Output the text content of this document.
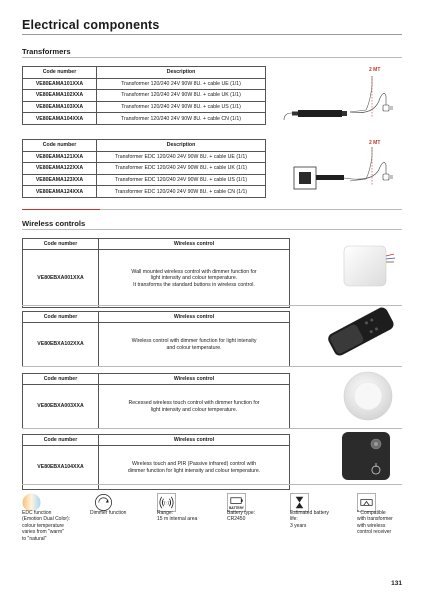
Electrical components
Transformers
Code number	Description
VE80EAMA101XXA	Transformer 120/240 24V 90W 8U. + cable UE (1/1)
VE80EAMA102XXA	Transformer 120/240 24V 90W 8U. + cable UK (1/1)
VE80EAMA103XXA	Transformer 120/240 24V 90W 8U. + cable US (1/1)
VE80EAMA104XXA	Transformer 120/240 24V 90W 8U. + cable CN (1/1)
2 MT
Code number	Description
VE80EAMA121XXA	Transformer EDC 120/240 24V 90W 8U. + cable UE (1/1)
VE80EAMA122XXA	Transformer EDC 120/240 24V 90W 8U. + cable UK (1/1)
VE80EAMA123XXA	Transformer EDC 120/240 24V 90W 8U. + cable US (1/1)
VE80EAMA124XXA	Transformer EDC 120/240 24V 90W 8U. + cable CN (1/1)
2 MT
Wireless controls
Code number	Wireless control
VE80EBXA001XXA	Wall mounted wireless control with dimmer function for
light intensity and colour temperature.
It transforms the standard buttons in wireless control.
Code number	Wireless control
VE80EBXA102XXA	Wireless control with dimmer function for light intensity
and colour temperature.
Code number	Wireless control
VE80EBXA003XXA	Recessed wireless touch control with dimmer function for
light intensity and colour temperature.
Code number	Wireless control
VE80EBXA104XXA	Wireless touch and PIR (Passive infrared) control with
dimmer function for light intensity and colour temperature.
((·))
BATTERY
EDC function
(Emotion Dual Color):
colour temperature
varies from "warm"
to "natural"
Dimmer function	Range:
15 m internal area
Battery type:
CR2450
Estimated battery
life:
3 years
* Compatible
with transformer
with wireless
control receiver
131
